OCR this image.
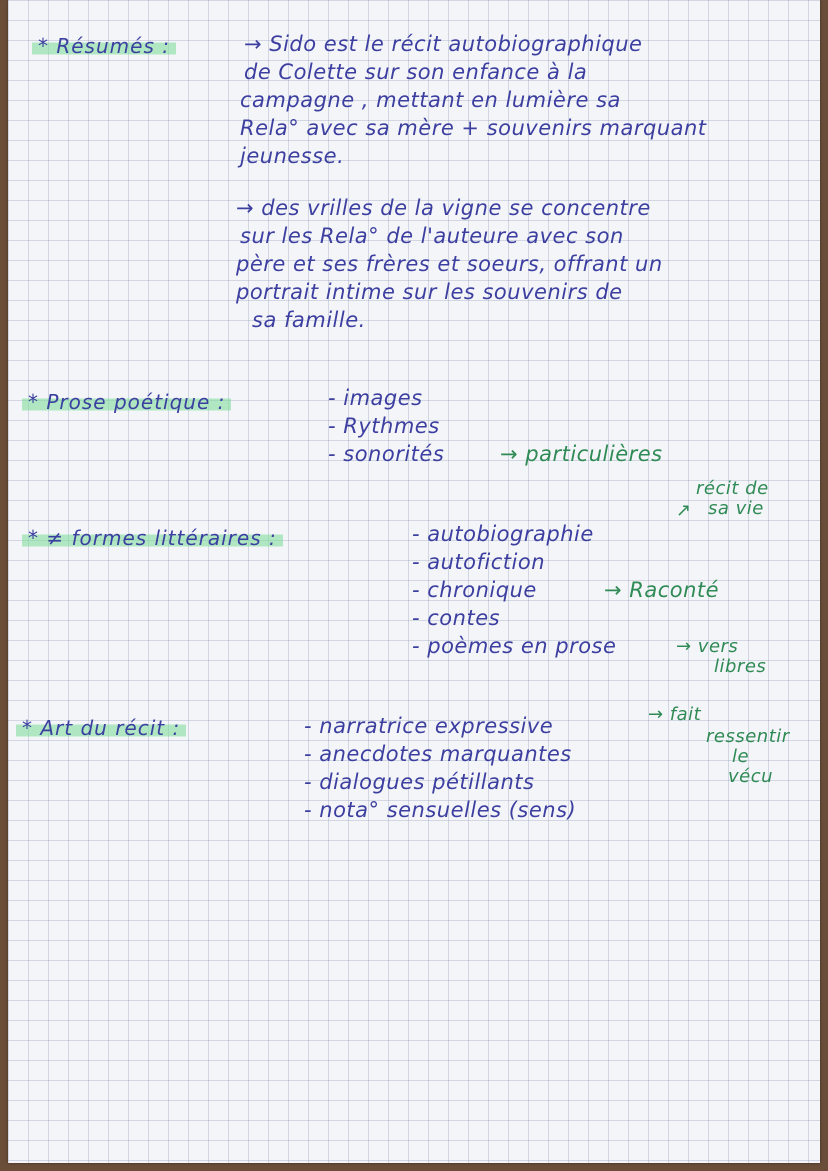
* Résumés :	→ Sido est le récit autobiographique
de Colette sur son enfance à la
campagne , mettant en lumière sa
Rela° avec sa mère + souvenirs marquant
jeunesse.
→ des vrilles de la vigne se concentre
sur les Rela° de l'auteure avec son
père et ses frères et soeurs, offrant un
portrait intime sur les souvenirs de
sa famille.
* Prose poétique :	- images
- Rythmes
- sonorités	→ particulières
* ≠ formes littéraires :
récit de
sa vie
↗
- autobiographie
- autofiction
- chronique	→ Raconté
- contes
- poèmes en prose	→ vers
libres
* Art du récit :	- narratrice expressive
- anecdotes marquantes
- dialogues pétillants
- nota° sensuelles (sens)
→ fait
ressentir
le
vécu
